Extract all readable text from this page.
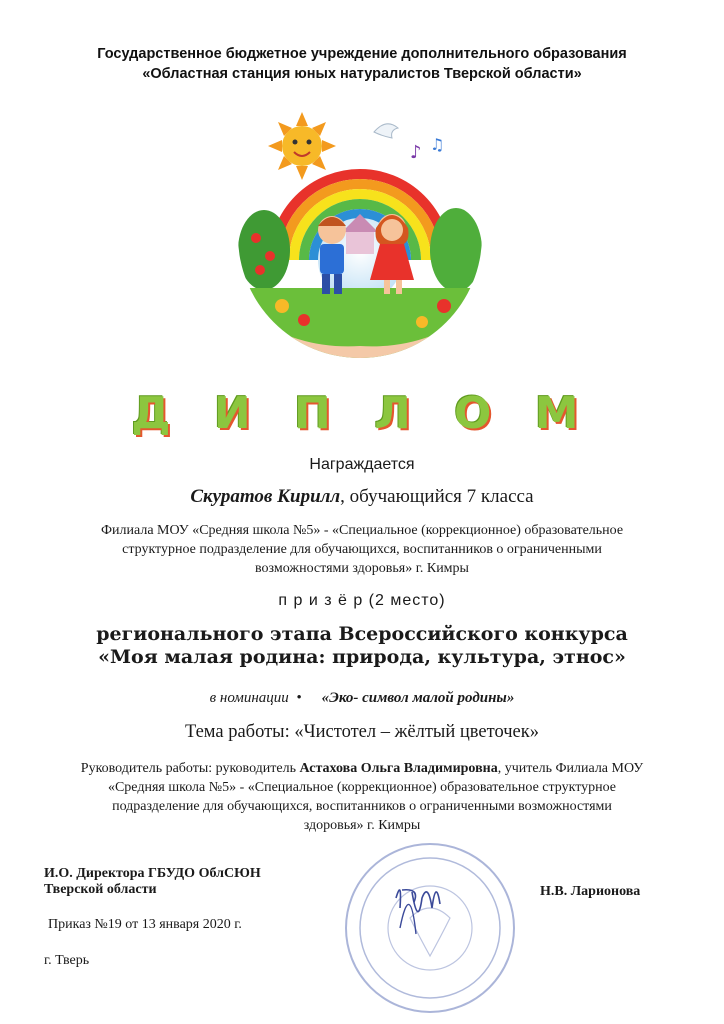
Государственное бюджетное учреждение дополнительного образования
«Областная станция юных натуралистов Тверской области»
♪ ♫
Д И П Л О М
Награждается
Скуратов Кирилл, обучающийся 7 класса
Филиала МОУ «Средняя школа №5» - «Специальное (коррекционное) образовательное
структурное подразделение для обучающихся, воспитанников о ограниченными
возможностями здоровья» г. Кимры
п р и з ё р (2 место)
регионального этапа Всероссийского конкурса
«Моя малая родина: природа, культура, этнос»
в номинации • «Эко- символ малой родины»
Тема работы: «Чистотел – жёлтый цветочек»
Руководитель работы: руководитель Астахова Ольга Владимировна, учитель Филиала МОУ
«Средняя школа №5» - «Специальное (коррекционное) образовательное структурное
подразделение для обучающихся, воспитанников о ограниченными возможностями
здоровья» г. Кимры
И.О. Директора ГБУДО ОблСЮН
Тверской области	Н.В. Ларионова
Приказ №19 от 13 января 2020 г.
г. Тверь
